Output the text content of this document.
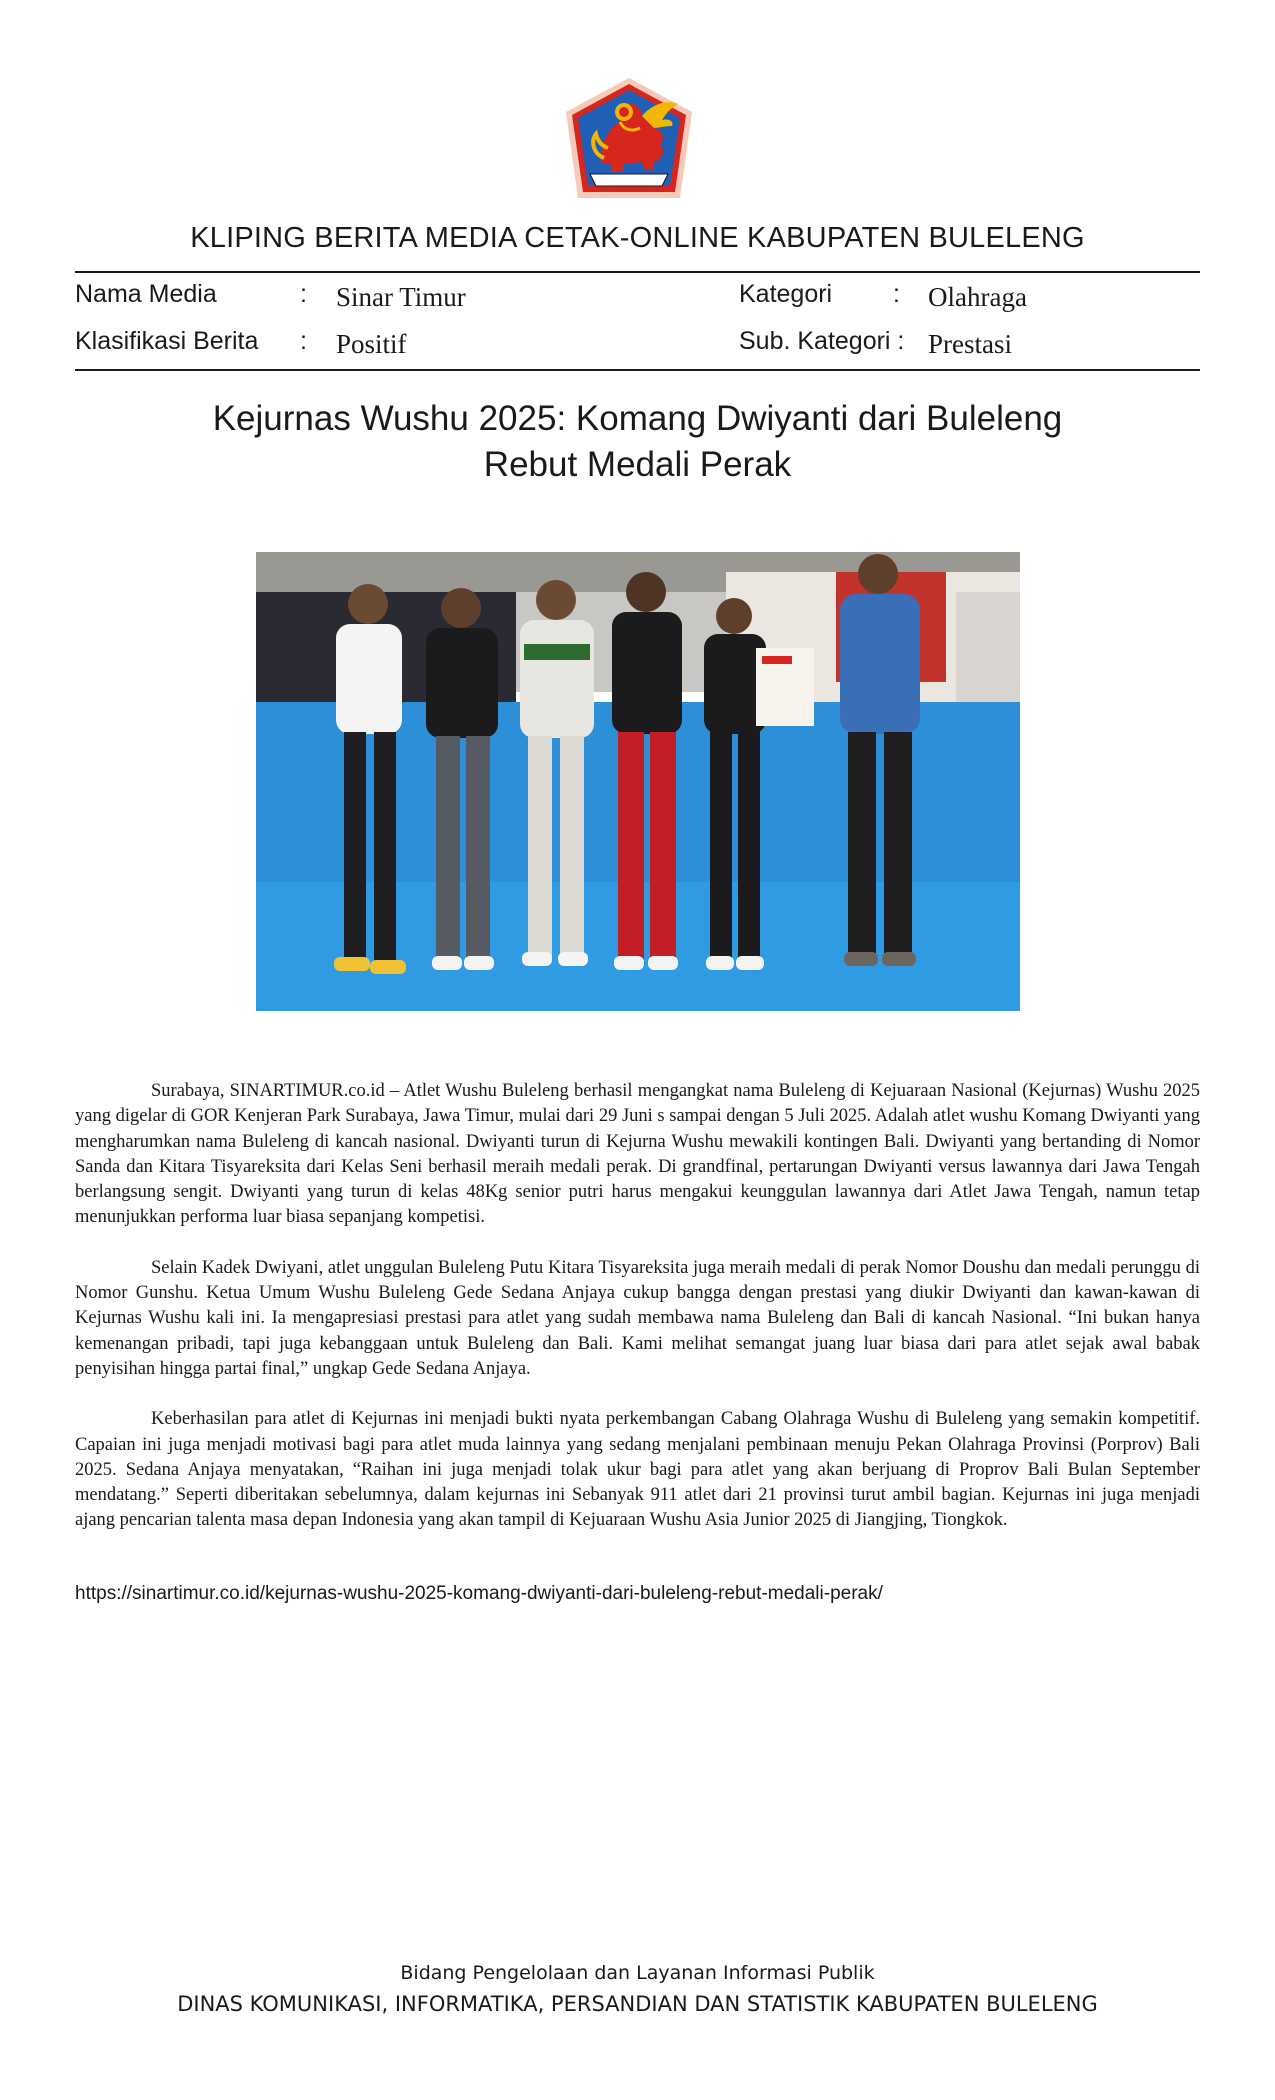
KLIPING BERITA MEDIA CETAK-ONLINE KABUPATEN BULELENG
Nama Media	: Sinar Timur	Kategori : Olahraga
Klasifikasi Berita : Positif	Sub. Kategori : Prestasi
Kejurnas Wushu 2025: Komang Dwiyanti dari Buleleng
Rebut Medali Perak

Surabaya, SINARTIMUR.co.id – Atlet Wushu Buleleng berhasil mengangkat nama Buleleng di Kejuaraan Nasional (Kejurnas) Wushu 2025 yang digelar di GOR Kenjeran Park Surabaya, Jawa Timur, mulai dari 29 Juni s sampai dengan 5 Juli 2025. Adalah atlet wushu Komang Dwiyanti yang mengharumkan nama Buleleng di kancah nasional. Dwiyanti turun di Kejurna Wushu mewakili kontingen Bali. Dwiyanti yang bertanding di Nomor Sanda dan Kitara Tisyareksita dari Kelas Seni berhasil meraih medali perak. Di grandfinal, pertarungan Dwiyanti versus lawannya dari Jawa Tengah berlangsung sengit. Dwiyanti yang turun di kelas 48Kg senior putri harus mengakui keunggulan lawannya dari Atlet Jawa Tengah, namun tetap menunjukkan performa luar biasa sepanjang kompetisi.

Selain Kadek Dwiyani, atlet unggulan Buleleng Putu Kitara Tisyareksita juga meraih medali di perak Nomor Doushu dan medali perunggu di Nomor Gunshu. Ketua Umum Wushu Buleleng Gede Sedana Anjaya cukup bangga dengan prestasi yang diukir Dwiyanti dan kawan-kawan di Kejurnas Wushu kali ini. Ia mengapresiasi prestasi para atlet yang sudah membawa nama Buleleng dan Bali di kancah Nasional. “Ini bukan hanya kemenangan pribadi, tapi juga kebanggaan untuk Buleleng dan Bali. Kami melihat semangat juang luar biasa dari para atlet sejak awal babak penyisihan hingga partai final,” ungkap Gede Sedana Anjaya.

Keberhasilan para atlet di Kejurnas ini menjadi bukti nyata perkembangan Cabang Olahraga Wushu di Buleleng yang semakin kompetitif. Capaian ini juga menjadi motivasi bagi para atlet muda lainnya yang sedang menjalani pembinaan menuju Pekan Olahraga Provinsi (Porprov) Bali 2025. Sedana Anjaya menyatakan, “Raihan ini juga menjadi tolak ukur bagi para atlet yang akan berjuang di Proprov Bali Bulan September mendatang.” Seperti diberitakan sebelumnya, dalam kejurnas ini Sebanyak 911 atlet dari 21 provinsi turut ambil bagian. Kejurnas ini juga menjadi ajang pencarian talenta masa depan Indonesia yang akan tampil di Kejuaraan Wushu Asia Junior 2025 di Jiangjing, Tiongkok.

https://sinartimur.co.id/kejurnas-wushu-2025-komang-dwiyanti-dari-buleleng-rebut-medali-perak/
Bidang Pengelolaan dan Layanan Informasi Publik
DINAS KOMUNIKASI, INFORMATIKA, PERSANDIAN DAN STATISTIK KABUPATEN BULELENG
